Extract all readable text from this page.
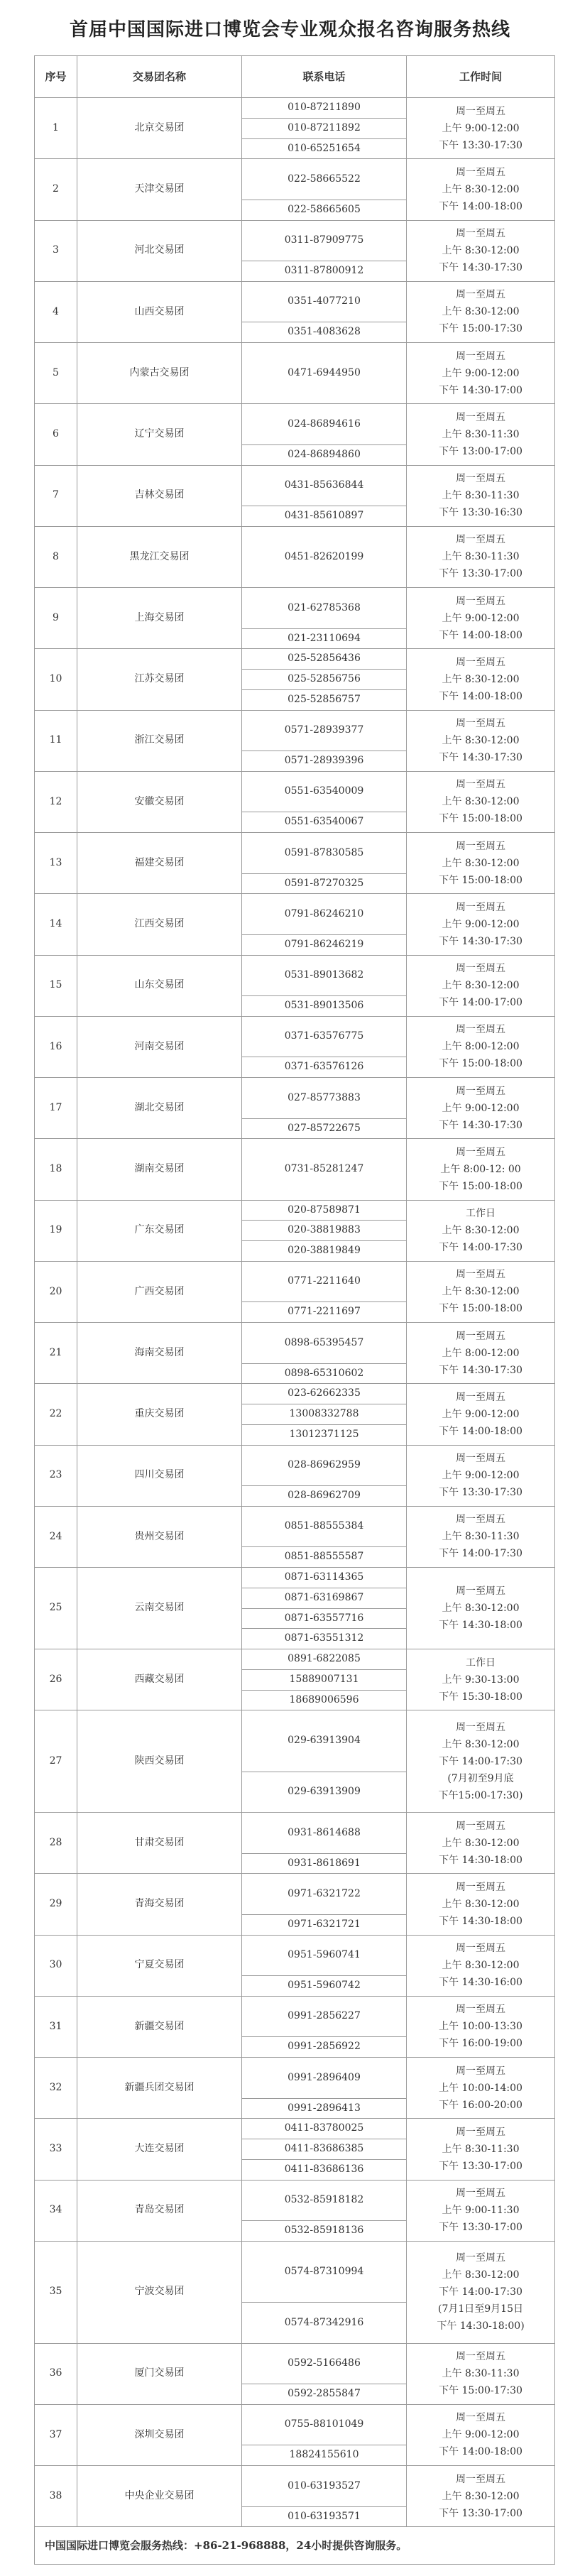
首届中国国际进口博览会专业观众报名咨询服务热线
序号	交易团名称	联系电话	工作时间
1	北京交易团	010-87211890	周一至周五
上午 9:00-12:00
下午 13:30-17:30

		010-87211892	
		010-65251654	
2	天津交易团	022-58665522	周一至周五
上午 8:30-12:00
下午 14:00-18:00

		022-58665605	
3	河北交易团	0311-87909775	周一至周五
上午 8:30-12:00
下午 14:30-17:30

		0311-87800912	
4	山西交易团	0351-4077210	周一至周五
上午 8:30-12:00
下午 15:00-17:30

		0351-4083628	
5	内蒙古交易团	0471-6944950	周一至周五
上午 9:00-12:00
下午 14:30-17:00

6	辽宁交易团	024-86894616	周一至周五
上午 8:30-11:30
下午 13:00-17:00

		024-86894860	
7	吉林交易团	0431-85636844	周一至周五
上午 8:30-11:30
下午 13:30-16:30

		0431-85610897	
8	黑龙江交易团	0451-82620199	周一至周五
上午 8:30-11:30
下午 13:30-17:00

9	上海交易团	021-62785368	周一至周五
上午 9:00-12:00
下午 14:00-18:00

		021-23110694	
10	江苏交易团	025-52856436	周一至周五
上午 8:30-12:00
下午 14:00-18:00

		025-52856756	
		025-52856757	
11	浙江交易团	0571-28939377	周一至周五
上午 8:30-12:00
下午 14:30-17:30

		0571-28939396	
12	安徽交易团	0551-63540009	周一至周五
上午 8:30-12:00
下午 15:00-18:00

		0551-63540067	
13	福建交易团	0591-87830585	周一至周五
上午 8:30-12:00
下午 15:00-18:00

		0591-87270325	
14	江西交易团	0791-86246210	周一至周五
上午 9:00-12:00
下午 14:30-17:30

		0791-86246219	
15	山东交易团	0531-89013682	周一至周五
上午 8:30-12:00
下午 14:00-17:00

		0531-89013506	
16	河南交易团	0371-63576775	周一至周五
上午 8:00-12:00
下午 15:00-18:00

		0371-63576126	
17	湖北交易团	027-85773883	周一至周五
上午 9:00-12:00
下午 14:30-17:30

		027-85722675	
18	湖南交易团	0731-85281247	周一至周五
上午 8:00-12: 00
下午 15:00-18:00

19	广东交易团	020-87589871	工作日
上午 8:30-12:00
下午 14:00-17:30

		020-38819883	
		020-38819849	
20	广西交易团	0771-2211640	周一至周五
上午 8:30-12:00
下午 15:00-18:00

		0771-2211697	
21	海南交易团	0898-65395457	周一至周五
上午 8:00-12:00
下午 14:30-17:30

		0898-65310602	
22	重庆交易团	023-62662335	周一至周五
上午 9:00-12:00
下午 14:00-18:00

		13008332788	
		13012371125	
23	四川交易团	028-86962959	周一至周五
上午 9:00-12:00
下午 13:30-17:30

		028-86962709	
24	贵州交易团	0851-88555384	周一至周五
上午 8:30-11:30
下午 14:00-17:30

		0851-88555587	
25	云南交易团	0871-63114365	周一至周五
上午 8:30-12:00
下午 14:30-18:00

		0871-63169867	
		0871-63557716	
		0871-63551312	
26	西藏交易团	0891-6822085	工作日
上午 9:30-13:00
下午 15:30-18:00

		15889007131	
		18689006596	
27	陕西交易团	029-63913904	周一至周五
上午 8:30-12:00
下午 14:00-17:30
(7月初至9月底
下午15:00-17:30)

		029-63913909	

28	甘肃交易团	0931-8614688	周一至周五
上午 8:30-12:00
下午 14:30-18:00

		0931-8618691	
29	青海交易团	0971-6321722	周一至周五
上午 8:30-12:00
下午 14:30-18:00

		0971-6321721	
30	宁夏交易团	0951-5960741	周一至周五
上午 8:30-12:00
下午 14:30-16:00

		0951-5960742	
31	新疆交易团	0991-2856227	周一至周五
上午 10:00-13:30
下午 16:00-19:00

		0991-2856922	
32	新疆兵团交易团	0991-2896409	周一至周五
上午 10:00-14:00
下午 16:00-20:00

		0991-2896413	
33	大连交易团	0411-83780025	周一至周五
上午 8:30-11:30
下午 13:30-17:00

		0411-83686385	
		0411-83686136	
34	青岛交易团	0532-85918182	周一至周五
上午 9:00-11:30
下午 13:30-17:00

		0532-85918136	
35	宁波交易团	0574-87310994	周一至周五
上午 8:30-12:00
下午 14:00-17:30
(7月1日至9月15日
下午 14:30-18:00)

		0574-87342916	

36	厦门交易团	0592-5166486	周一至周五
上午 8:30-11:30
下午 15:00-17:30

		0592-2855847	
37	深圳交易团	0755-88101049	周一至周五
上午 9:00-12:00
下午 14:00-18:00

		18824155610	
38	中央企业交易团	010-63193527	周一至周五
上午 8:30-12:00
下午 13:30-17:00

		010-63193571	
中国国际进口博览会服务热线：+86-21-968888，24小时提供咨询服务。			
